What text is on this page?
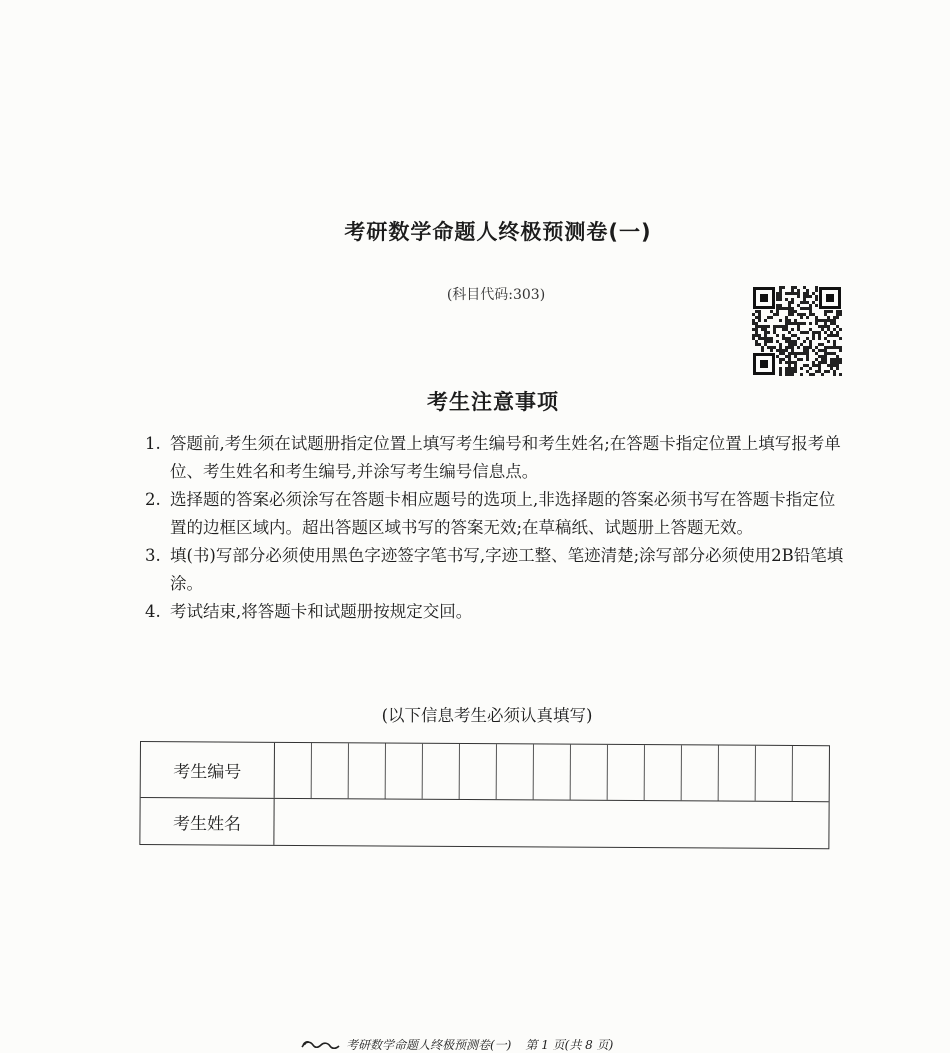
考研数学命题人终极预测卷(一)
(科目代码:303)
考生注意事项
1. 答题前,考生须在试题册指定位置上填写考生编号和考生姓名;在答题卡指定位置上填写报考单位、考生姓名和考生编号,并涂写考生编号信息点。
2. 选择题的答案必须涂写在答题卡相应题号的选项上,非选择题的答案必须书写在答题卡指定位置的边框区域内。超出答题区域书写的答案无效;在草稿纸、试题册上答题无效。
3. 填(书)写部分必须使用黑色字迹签字笔书写,字迹工整、笔迹清楚;涂写部分必须使用2B铅笔填涂。
4. 考试结束,将答题卡和试题册按规定交回。
(以下信息考生必须认真填写)
考生编号
考生姓名
考研数学命题人终极预测卷(一) 第 1 页(共 8 页)
